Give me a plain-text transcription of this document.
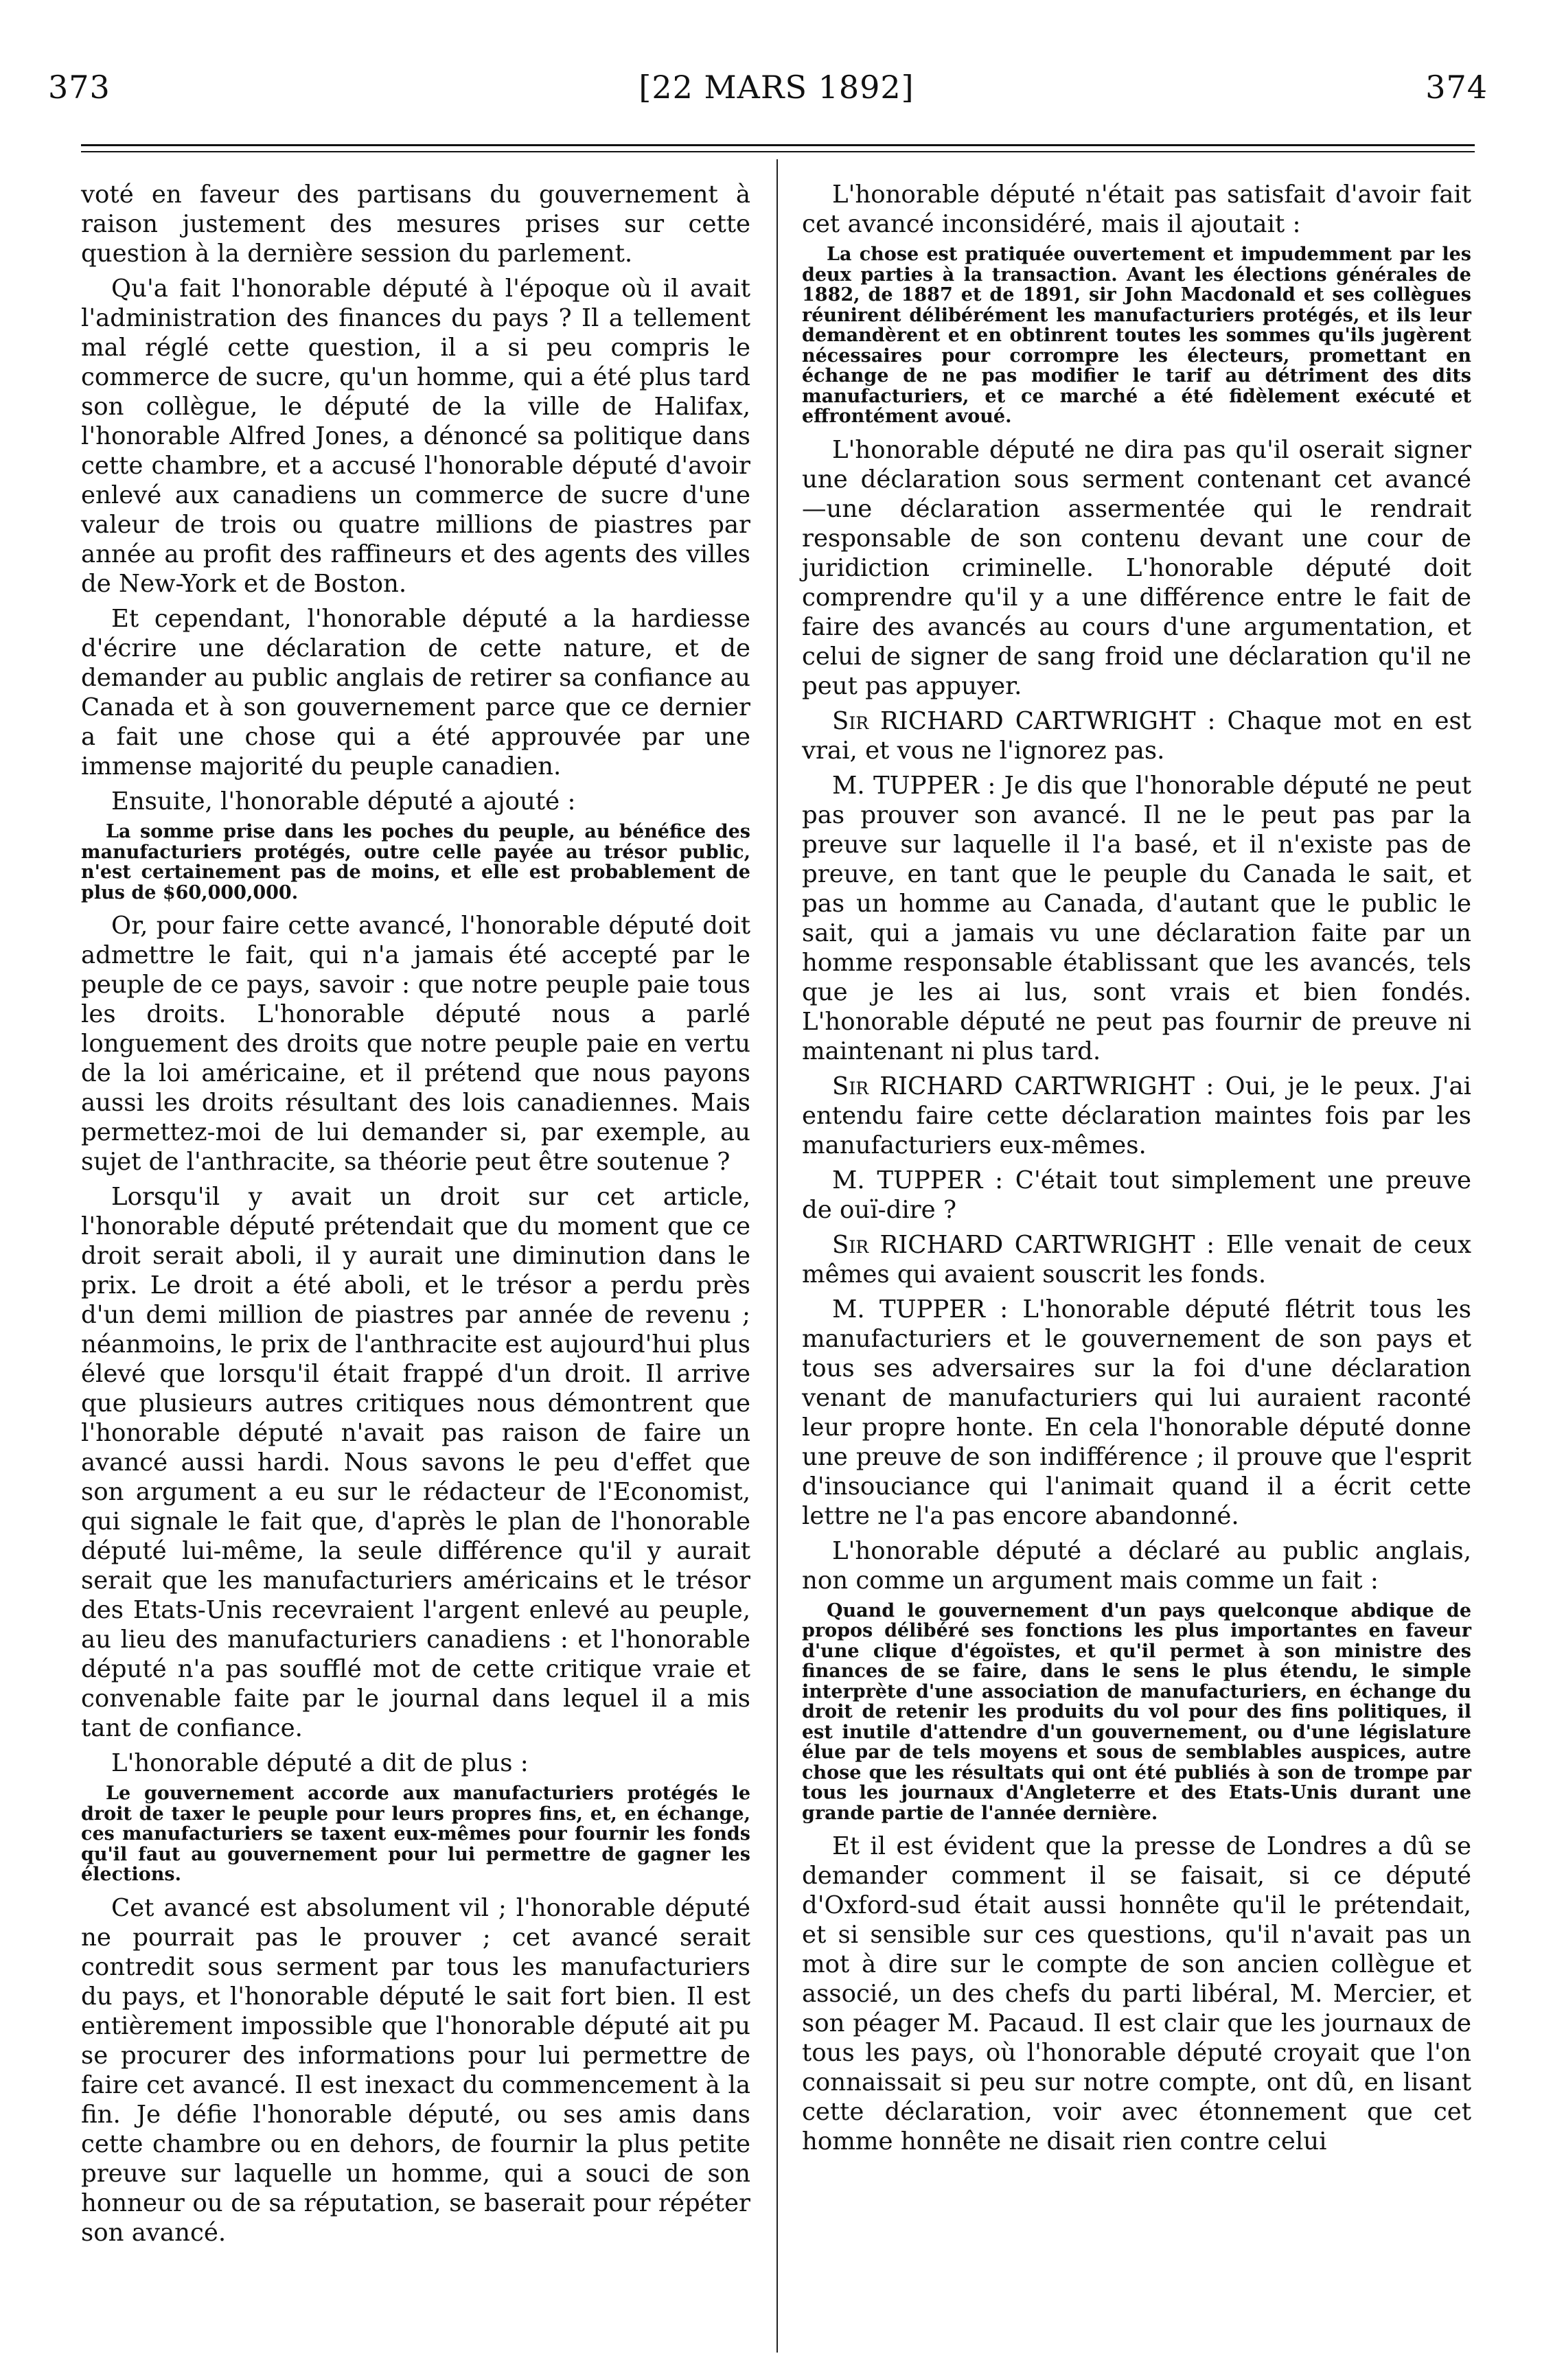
373	[22 MARS 1892]	374

voté en faveur des partisans du gouvernement à raison justement des mesures prises sur cette question à la dernière session du parlement.

Qu'a fait l'honorable député à l'époque où il avait l'administration des finances du pays ? Il a tellement mal réglé cette question, il a si peu compris le commerce de sucre, qu'un homme, qui a été plus tard son collègue, le député de la ville de Halifax, l'honorable Alfred Jones, a dénoncé sa politique dans cette chambre, et a accusé l'honorable député d'avoir enlevé aux canadiens un commerce de sucre d'une valeur de trois ou quatre millions de piastres par année au profit des raffineurs et des agents des villes de New-York et de Boston.

Et cependant, l'honorable député a la hardiesse d'écrire une déclaration de cette nature, et de demander au public anglais de retirer sa confiance au Canada et à son gouvernement parce que ce dernier a fait une chose qui a été approuvée par une immense majorité du peuple canadien.

Ensuite, l'honorable député a ajouté :

La somme prise dans les poches du peuple, au bénéfice des manufacturiers protégés, outre celle payée au trésor public, n'est certainement pas de moins, et elle est probablement de plus de $60,000,000.

Or, pour faire cette avancé, l'honorable député doit admettre le fait, qui n'a jamais été accepté par le peuple de ce pays, savoir : que notre peuple paie tous les droits. L'honorable député nous a parlé longuement des droits que notre peuple paie en vertu de la loi américaine, et il prétend que nous payons aussi les droits résultant des lois canadiennes. Mais permettez-moi de lui demander si, par exemple, au sujet de l'anthracite, sa théorie peut être soutenue ?

Lorsqu'il y avait un droit sur cet article, l'honorable député prétendait que du moment que ce droit serait aboli, il y aurait une diminution dans le prix. Le droit a été aboli, et le trésor a perdu près d'un demi million de piastres par année de revenu ; néanmoins, le prix de l'anthracite est aujourd'hui plus élevé que lorsqu'il était frappé d'un droit. Il arrive que plusieurs autres critiques nous démontrent que l'honorable député n'avait pas raison de faire un avancé aussi hardi. Nous savons le peu d'effet que son argument a eu sur le rédacteur de l'Economist, qui signale le fait que, d'après le plan de l'honorable député lui-même, la seule différence qu'il y aurait serait que les manufacturiers américains et le trésor des Etats-Unis recevraient l'argent enlevé au peuple, au lieu des manufacturiers canadiens : et l'honorable député n'a pas soufflé mot de cette critique vraie et convenable faite par le journal dans lequel il a mis tant de confiance.

L'honorable député a dit de plus :

Le gouvernement accorde aux manufacturiers protégés le droit de taxer le peuple pour leurs propres fins, et, en échange, ces manufacturiers se taxent eux-mêmes pour fournir les fonds qu'il faut au gouvernement pour lui permettre de gagner les élections.

Cet avancé est absolument vil ; l'honorable député ne pourrait pas le prouver ; cet avancé serait contredit sous serment par tous les manufacturiers du pays, et l'honorable député le sait fort bien. Il est entièrement impossible que l'honorable député ait pu se procurer des informations pour lui permettre de faire cet avancé. Il est inexact du commencement à la fin. Je défie l'honorable député, ou ses amis dans cette chambre ou en dehors, de fournir la plus petite preuve sur laquelle un homme, qui a souci de son honneur ou de sa réputation, se baserait pour répéter son avancé.

L'honorable député n'était pas satisfait d'avoir fait cet avancé inconsidéré, mais il ajoutait :

La chose est pratiquée ouvertement et impudemment par les deux parties à la transaction. Avant les élections générales de 1882, de 1887 et de 1891, sir John Macdonald et ses collègues réunirent délibérément les manufacturiers protégés, et ils leur demandèrent et en obtinrent toutes les sommes qu'ils jugèrent nécessaires pour corrompre les électeurs, promettant en échange de ne pas modifier le tarif au détriment des dits manufacturiers, et ce marché a été fidèlement exécuté et effrontément avoué.

L'honorable député ne dira pas qu'il oserait signer une déclaration sous serment contenant cet avancé —une déclaration assermentée qui le rendrait responsable de son contenu devant une cour de juridiction criminelle. L'honorable député doit comprendre qu'il y a une différence entre le fait de faire des avancés au cours d'une argumentation, et celui de signer de sang froid une déclaration qu'il ne peut pas appuyer.

Sir RICHARD CARTWRIGHT : Chaque mot en est vrai, et vous ne l'ignorez pas.

M. TUPPER : Je dis que l'honorable député ne peut pas prouver son avancé. Il ne le peut pas par la preuve sur laquelle il l'a basé, et il n'existe pas de preuve, en tant que le peuple du Canada le sait, et pas un homme au Canada, d'autant que le public le sait, qui a jamais vu une déclaration faite par un homme responsable établissant que les avancés, tels que je les ai lus, sont vrais et bien fondés. L'honorable député ne peut pas fournir de preuve ni maintenant ni plus tard.

Sir RICHARD CARTWRIGHT : Oui, je le peux. J'ai entendu faire cette déclaration maintes fois par les manufacturiers eux-mêmes.

M. TUPPER : C'était tout simplement une preuve de ouï-dire ?

Sir RICHARD CARTWRIGHT : Elle venait de ceux mêmes qui avaient souscrit les fonds.

M. TUPPER : L'honorable député flétrit tous les manufacturiers et le gouvernement de son pays et tous ses adversaires sur la foi d'une déclaration venant de manufacturiers qui lui auraient raconté leur propre honte. En cela l'honorable député donne une preuve de son indifférence ; il prouve que l'esprit d'insouciance qui l'animait quand il a écrit cette lettre ne l'a pas encore abandonné.

L'honorable député a déclaré au public anglais, non comme un argument mais comme un fait :

Quand le gouvernement d'un pays quelconque abdique de propos délibéré ses fonctions les plus importantes en faveur d'une clique d'égoïstes, et qu'il permet à son ministre des finances de se faire, dans le sens le plus étendu, le simple interprète d'une association de manufacturiers, en échange du droit de retenir les produits du vol pour des fins politiques, il est inutile d'attendre d'un gouvernement, ou d'une législature élue par de tels moyens et sous de semblables auspices, autre chose que les résultats qui ont été publiés à son de trompe par tous les journaux d'Angleterre et des Etats-Unis durant une grande partie de l'année dernière.

Et il est évident que la presse de Londres a dû se demander comment il se faisait, si ce député d'Oxford-sud était aussi honnête qu'il le prétendait, et si sensible sur ces questions, qu'il n'avait pas un mot à dire sur le compte de son ancien collègue et associé, un des chefs du parti libéral, M. Mercier, et son péager M. Pacaud. Il est clair que les journaux de tous les pays, où l'honorable député croyait que l'on connaissait si peu sur notre compte, ont dû, en lisant cette déclaration, voir avec étonnement que cet homme honnête ne disait rien contre celui
